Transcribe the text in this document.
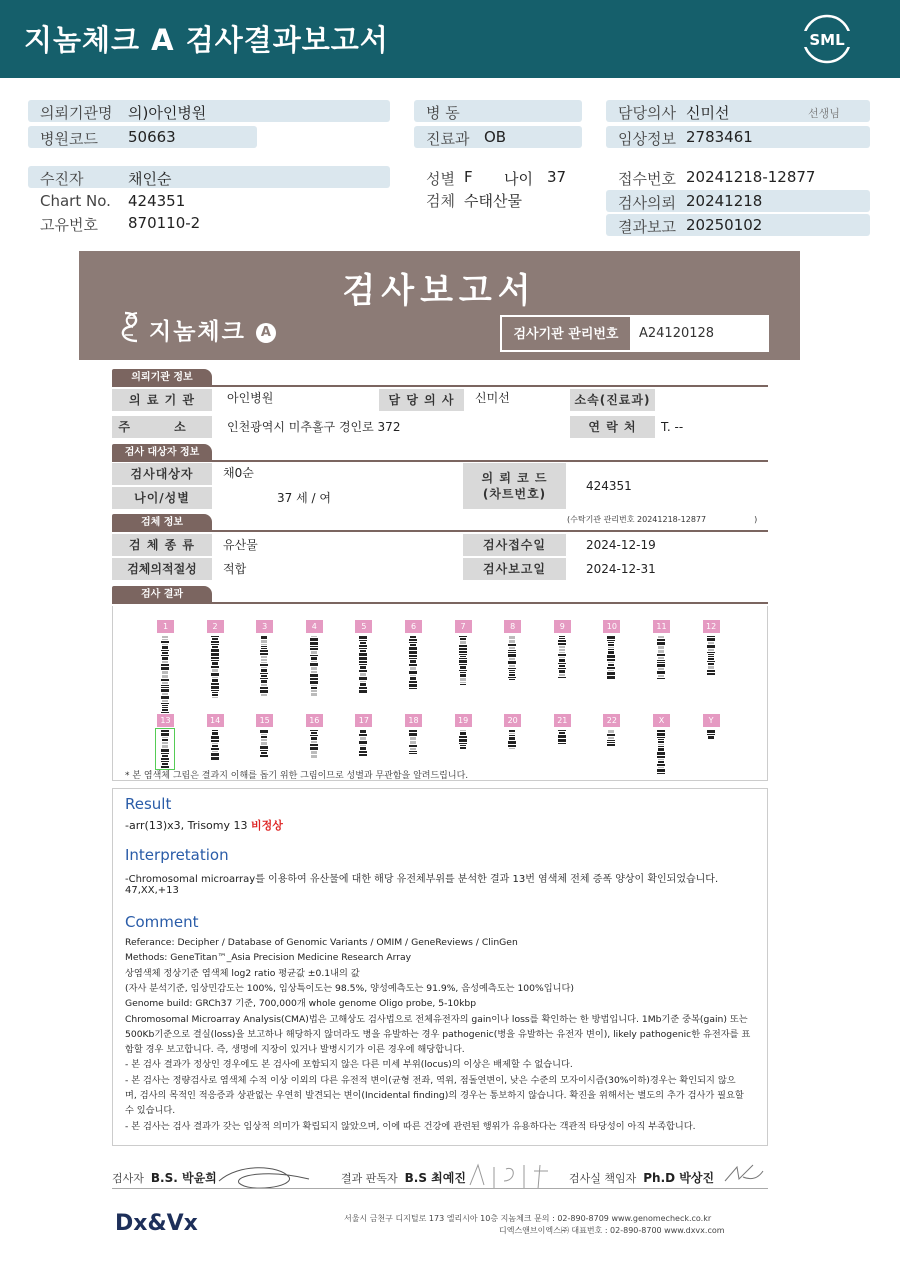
지놈체크 A 검사결과보고서	SML
의뢰기관명 의)아인병원
병원코드 50663
수진자	채인순
Chart No. 424351
고유번호 870110-2
병 동
진료과 OB
성별 F 나이 37
검체 수태산물
담당의사 신미선	선생님
임상정보 2783461
접수번호 20241218-12877
검사의뢰 20241218
결과보고 20250102
검사보고서
지놈체크 A	검사기관 관리번호	A24120128
의뢰기관 정보
의 료 기 관	아인병원	담 당 의 사	신미선	소속(진료과)
주 소	인천광역시 미추홀구 경인로 372	연 락 처	T. --
검사 대상자 정보
검사대상자	채0순
나이/성별	37 세 / 여
의 뢰 코 드
(차트번호)
424351
검체 정보	(수탁기관 관리번호 20241218-12877	)
검 체 종 류	유산물	검사접수일	2024-12-19
검체의적절성	적합	검사보고일	2024-12-31
검사 결과
* 본 염색체 그림은 결과지 이해를 돕기 위한 그림이므로 성별과 무관함을 알려드립니다.
1	2	3	4	5	6	7	8	9	10	11	12
13	14	15	16	17	18	19	20	21	22	X	Y
Result
-arr(13)x3, Trisomy 13 비정상
Interpretation
-Chromosomal microarray를 이용하여 유산물에 대한 해당 유전체부위를 분석한 결과 13번 염색체 전체 증폭 양상이 확인되었습니다.
47,XX,+13
Comment
Referance: Decipher / Database of Genomic Variants / OMIM / GeneReviews / ClinGen
Methods: GeneTitan™_Asia Precision Medicine Research Array
상염색체 정상기준 염색체 log2 ratio 평균값 ±0.1내의 값
(자사 분석기준, 임상민감도는 100%, 임상특이도는 98.5%, 양성예측도는 91.9%, 음성예측도는 100%입니다)
Genome build: GRCh37 기준, 700,000개 whole genome Oligo probe, 5-10kbp
Chromosomal Microarray Analysis(CMA)법은 고해상도 검사법으로 전체유전자의 gain이나 loss를 확인하는 한 방법입니다. 1Mb기준 중복(gain) 또는
500Kb기준으로 결실(loss)을 보고하나 해당하지 않더라도 병을 유발하는 경우 pathogenic(병을 유발하는 유전자 변이), likely pathogenic한 유전자를 표
함할 경우 보고합니다. 즉, 생명에 지장이 있거나 발병시기가 이른 경우에 해당합니다.
- 본 검사 결과가 정상인 경우에도 본 검사에 포함되지 않은 다른 미세 부위(locus)의 이상은 배제할 수 없습니다.
- 본 검사는 정량검사로 염색체 수적 이상 이외의 다른 유전적 변이(균형 전좌, 역위, 점돌연변이, 낮은 수준의 모자이시즘(30%이하)경우는 확인되지 않으
며, 검사의 목적인 적응증과 상관없는 우연히 발견되는 변이(Incidental finding)의 경우는 통보하지 않습니다. 확진을 위해서는 별도의 추가 검사가 필요할
수 있습니다.
- 본 검사는 검사 결과가 갖는 임상적 의미가 확립되지 않았으며, 이에 따른 건강에 관련된 행위가 유용하다는 객관적 타당성이 아직 부족합니다.
검사자 B.S. 박윤희	결과 판독자 B.S 최예진	검사실 책임자 Ph.D 박상진
Dx&Vx	서울시 금천구 디지털로 173 엘리시아 10층 지놈체크 문의 : 02-890-8709 www.genomecheck.co.kr
디엑스앤브이엑스㈜ 대표번호 : 02-890-8700 www.dxvx.com
